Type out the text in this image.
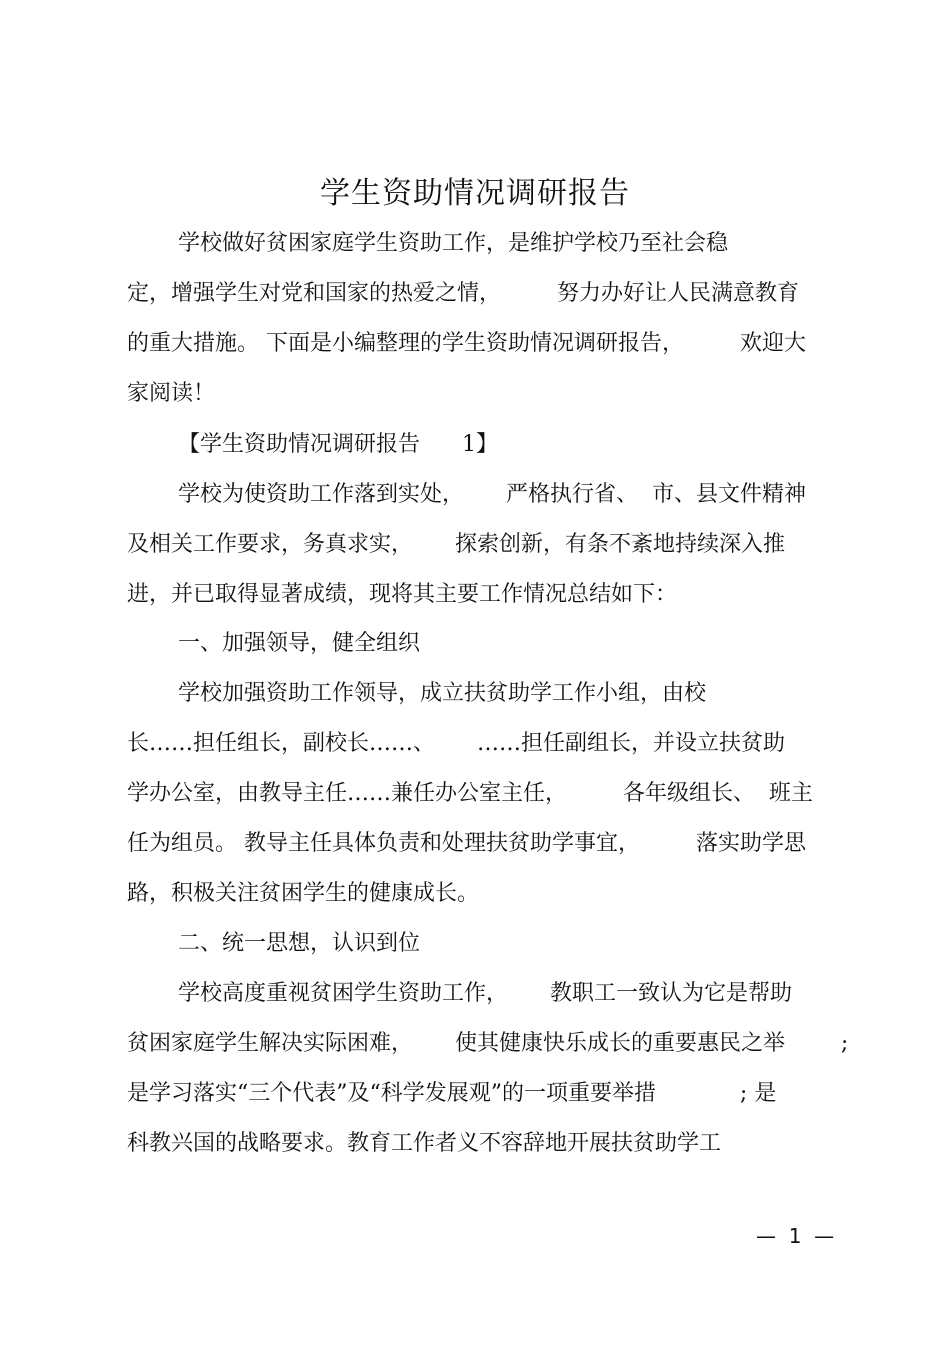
学生资助情况调研报告
学校做好贫困家庭学生资助工作，是维护学校乃至社会稳
定，增强学生对党和国家的热爱之情，        努力办好让人民满意教育
的重大措施。 下面是小编整理的学生资助情况调研报告，        欢迎大
家阅读！
【学生资助情况调研报告      1】
学校为使资助工作落到实处，      严格执行省、  市、县文件精神
及相关工作要求，务真求实，      探索创新，有条不紊地持续深入推
进，并已取得显著成绩，现将其主要工作情况总结如下：
一、加强领导，健全组织
学校加强资助工作领导，成立扶贫助学工作小组，由校
长……担任组长，副校长……、      ……担任副组长，并设立扶贫助
学办公室，由教导主任……兼任办公室主任，        各年级组长、  班主
任为组员。 教导主任具体负责和处理扶贫助学事宜，        落实助学思
路，积极关注贫困学生的健康成长。
二、统一思想，认识到位
学校高度重视贫困学生资助工作，      教职工一致认为它是帮助
贫困家庭学生解决实际困难，      使其健康快乐成长的重要惠民之举        ;
是学习落实“三个代表”及“科学发展观”的一项重要举措            ; 是
科教兴国的战略要求。教育工作者义不容辞地开展扶贫助学工
—  1  —
